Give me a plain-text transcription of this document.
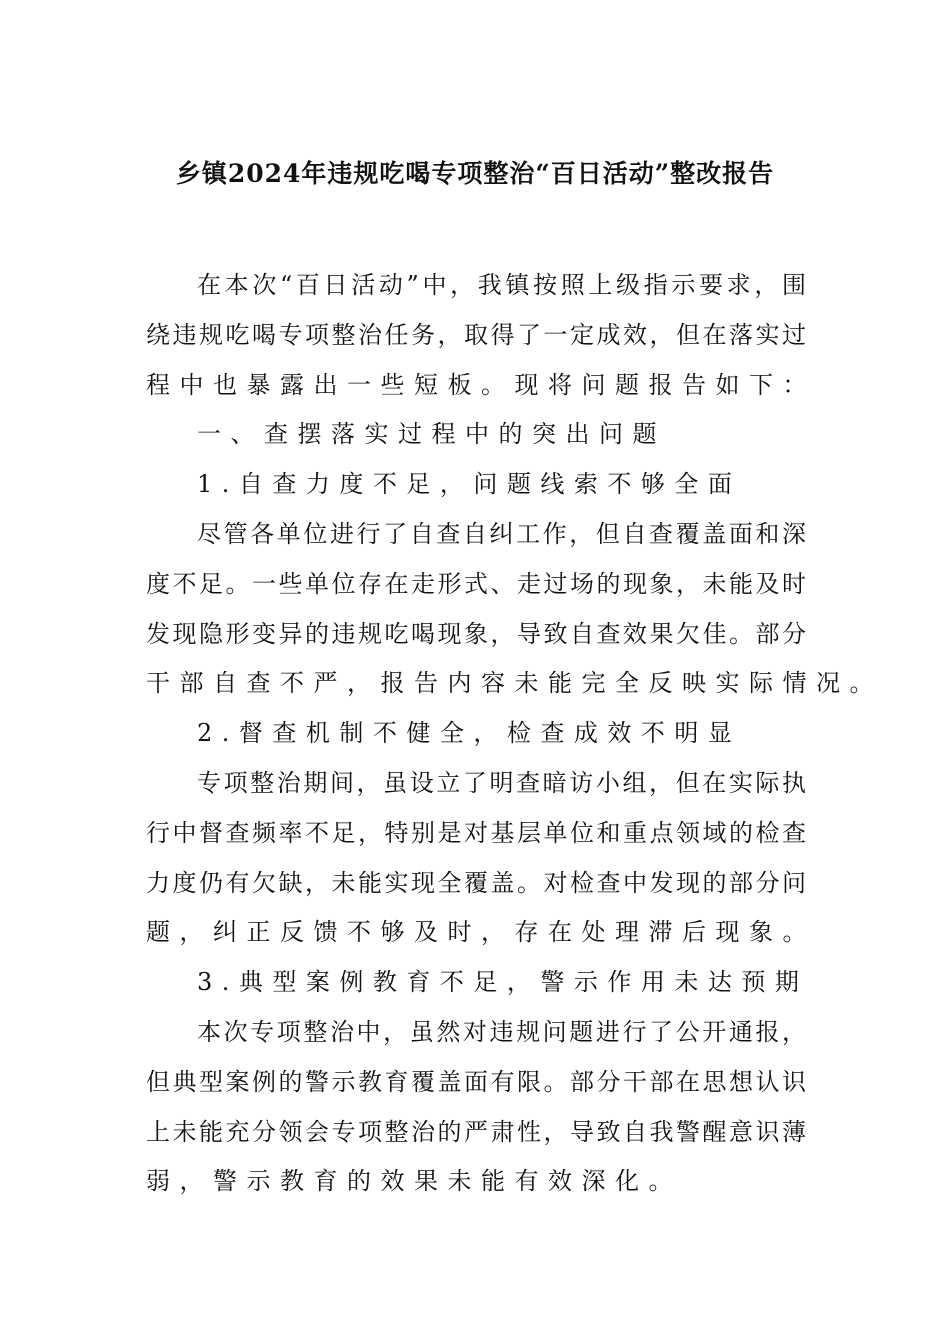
乡镇2024年违规吃喝专项整治“百日活动”整改报告
在本次“百日活动”中，我镇按照上级指示要求，围
绕违规吃喝专项整治任务，取得了一定成效，但在落实过
程中也暴露出一些短板。现将问题报告如下：
一、查摆落实过程中的突出问题
1.自查力度不足，问题线索不够全面
尽管各单位进行了自查自纠工作，但自查覆盖面和深
度不足。一些单位存在走形式、走过场的现象，未能及时
发现隐形变异的违规吃喝现象，导致自查效果欠佳。部分
干部自查不严，报告内容未能完全反映实际情况。
2.督查机制不健全，检查成效不明显
专项整治期间，虽设立了明查暗访小组，但在实际执
行中督查频率不足，特别是对基层单位和重点领域的检查
力度仍有欠缺，未能实现全覆盖。对检查中发现的部分问
题，纠正反馈不够及时，存在处理滞后现象。
3.典型案例教育不足，警示作用未达预期
本次专项整治中，虽然对违规问题进行了公开通报，
但典型案例的警示教育覆盖面有限。部分干部在思想认识
上未能充分领会专项整治的严肃性，导致自我警醒意识薄
弱，警示教育的效果未能有效深化。
